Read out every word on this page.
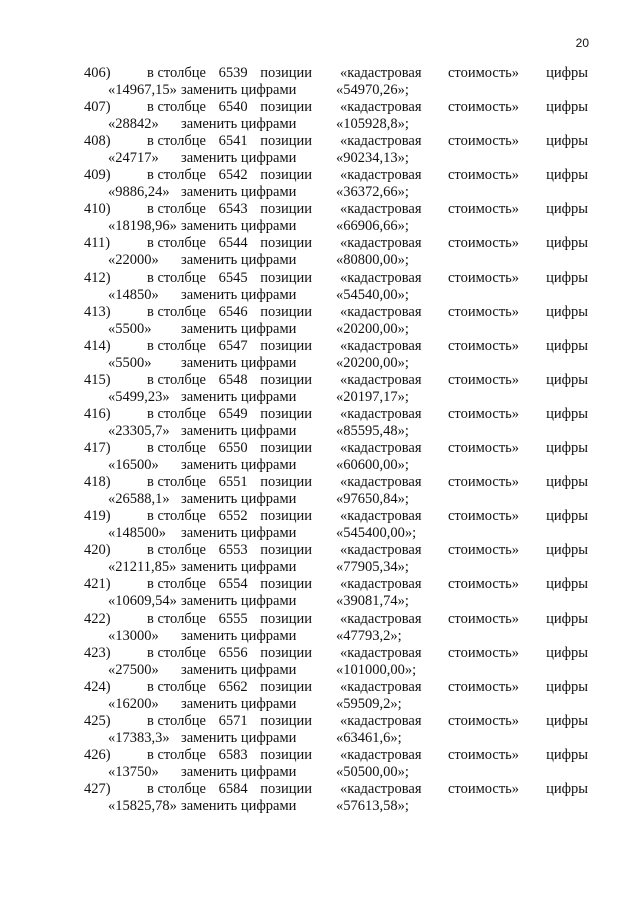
20
406)	в столбце 6539 позиции «кадастровая стоимость» цифры
«14967,15» заменить цифрами	«54970,26»;
407)	в столбце 6540 позиции «кадастровая стоимость» цифры
«28842» заменить цифрами	«105928,8»;
408)	в столбце 6541 позиции «кадастровая стоимость» цифры
«24717» заменить цифрами	«90234,13»;
409)	в столбце 6542 позиции «кадастровая стоимость» цифры
«9886,24» заменить цифрами	«36372,66»;
410)	в столбце 6543 позиции «кадастровая стоимость» цифры
«18198,96» заменить цифрами	«66906,66»;
411)	в столбце 6544 позиции «кадастровая стоимость» цифры
«22000» заменить цифрами	«80800,00»;
412)	в столбце 6545 позиции «кадастровая стоимость» цифры
«14850» заменить цифрами	«54540,00»;
413)	в столбце 6546 позиции «кадастровая стоимость» цифры
«5500» заменить цифрами	«20200,00»;
414)	в столбце 6547 позиции «кадастровая стоимость» цифры
«5500» заменить цифрами	«20200,00»;
415)	в столбце 6548 позиции «кадастровая стоимость» цифры
«5499,23» заменить цифрами	«20197,17»;
416)	в столбце 6549 позиции «кадастровая стоимость» цифры
«23305,7» заменить цифрами	«85595,48»;
417)	в столбце 6550 позиции «кадастровая стоимость» цифры
«16500» заменить цифрами	«60600,00»;
418)	в столбце 6551 позиции «кадастровая стоимость» цифры
«26588,1» заменить цифрами	«97650,84»;
419)	в столбце 6552 позиции «кадастровая стоимость» цифры
«148500» заменить цифрами	«545400,00»;
420)	в столбце 6553 позиции «кадастровая стоимость» цифры
«21211,85» заменить цифрами	«77905,34»;
421)	в столбце 6554 позиции «кадастровая стоимость» цифры
«10609,54» заменить цифрами	«39081,74»;
422)	в столбце 6555 позиции «кадастровая стоимость» цифры
«13000» заменить цифрами	«47793,2»;
423)	в столбце 6556 позиции «кадастровая стоимость» цифры
«27500» заменить цифрами	«101000,00»;
424)	в столбце 6562 позиции «кадастровая стоимость» цифры
«16200» заменить цифрами	«59509,2»;
425)	в столбце 6571 позиции «кадастровая стоимость» цифры
«17383,3» заменить цифрами	«63461,6»;
426)	в столбце 6583 позиции «кадастровая стоимость» цифры
«13750» заменить цифрами	«50500,00»;
427)	в столбце 6584 позиции «кадастровая стоимость» цифры
«15825,78» заменить цифрами	«57613,58»;
